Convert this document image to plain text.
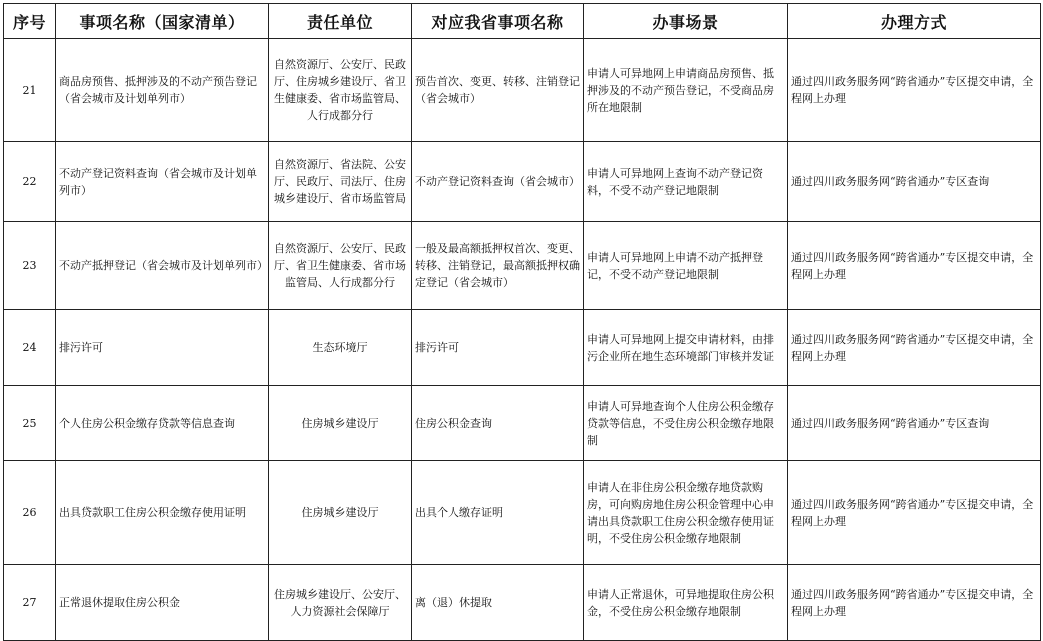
序号	事项名称（国家清单）	责任单位	对应我省事项名称	办事场景	办理方式
21	商品房预售、抵押涉及的不动产预告登记（省会城市及计划单列市）	自然资源厅、公安厅、民政厅、住房城乡建设厅、省卫生健康委、省市场监管局、人行成都分行	预告首次、变更、转移、注销登记（省会城市）	申请人可异地网上申请商品房预售、抵押涉及的不动产预告登记，不受商品房所在地限制	通过四川政务服务网“跨省通办”专区提交申请，全程网上办理
22	不动产登记资料查询（省会城市及计划单列市）	自然资源厅、省法院、公安厅、民政厅、司法厅、住房城乡建设厅、省市场监管局	不动产登记资料查询（省会城市）	申请人可异地网上查询不动产登记资料，不受不动产登记地限制	通过四川政务服务网“跨省通办”专区查询
23	不动产抵押登记（省会城市及计划单列市）	自然资源厅、公安厅、民政厅、省卫生健康委、省市场监管局、人行成都分行	一般及最高额抵押权首次、变更、转移、注销登记，最高额抵押权确定登记（省会城市）	申请人可异地网上申请不动产抵押登记，不受不动产登记地限制	通过四川政务服务网“跨省通办”专区提交申请，全程网上办理
24	排污许可	生态环境厅	排污许可	申请人可异地网上提交申请材料，由排污企业所在地生态环境部门审核并发证	通过四川政务服务网“跨省通办”专区提交申请，全程网上办理
25	个人住房公积金缴存贷款等信息查询	住房城乡建设厅	住房公积金查询	申请人可异地查询个人住房公积金缴存贷款等信息，不受住房公积金缴存地限制	通过四川政务服务网“跨省通办”专区查询
26	出具贷款职工住房公积金缴存使用证明	住房城乡建设厅	出具个人缴存证明	申请人在非住房公积金缴存地贷款购房，可向购房地住房公积金管理中心申请出具贷款职工住房公积金缴存使用证明，不受住房公积金缴存地限制	通过四川政务服务网“跨省通办”专区提交申请，全程网上办理
27	正常退休提取住房公积金	住房城乡建设厅、公安厅、人力资源社会保障厅	离（退）休提取	申请人正常退休，可异地提取住房公积金，不受住房公积金缴存地限制	通过四川政务服务网“跨省通办”专区提交申请，全程网上办理
